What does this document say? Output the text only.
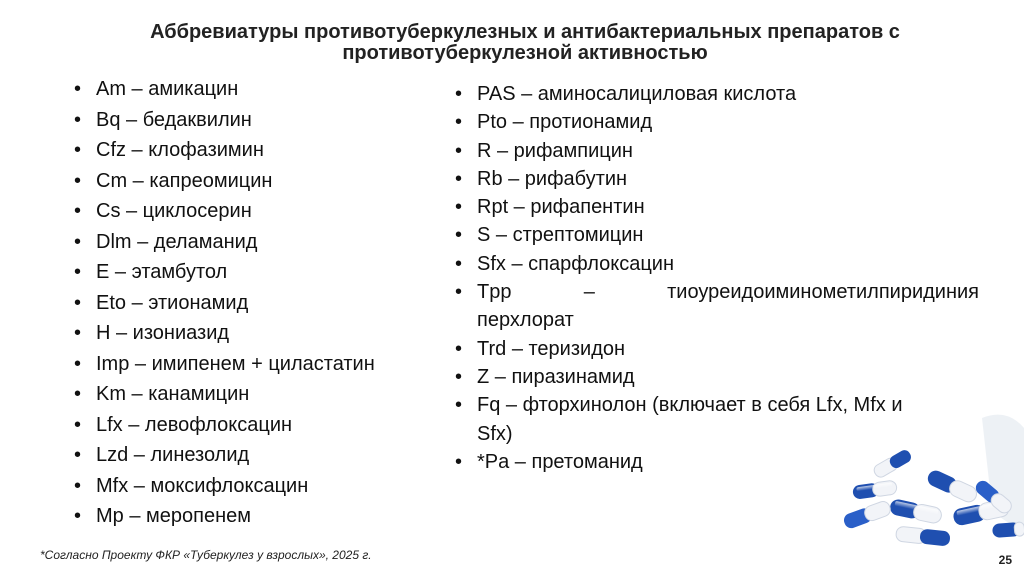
Аббревиатуры противотуберкулезных и антибактериальных препаратов с противотуберкулезной активностью
• Am – амикацин
• Bq – бедаквилин
• Cfz – клофазимин
• Cm – капреомицин
• Cs – циклосерин
• Dlm – деламанид
• E – этамбутол
• Eto – этионамид
• H – изониазид
• Imp – имипенем + циластатин
• Km – канамицин
• Lfx – левофлоксацин
• Lzd – линезолид
• Mfx – моксифлоксацин
• Mp – меропенем
• PAS – аминосалициловая кислота
• Pto – протионамид
• R – рифампицин
• Rb – рифабутин
• Rpt – рифапентин
• S – стрептомицин
• Sfx – спарфлоксацин
• Tpp	–	тиоуреидоиминометилпиридиния
перхлорат
• Trd – теризидон
• Z – пиразинамид
• Fq – фторхинолон (включает в себя Lfx, Mfx и
Sfx)
• *Pa – претоманид
*Согласно Проекту ФКР «Туберкулез у взрослых», 2025 г.	25
